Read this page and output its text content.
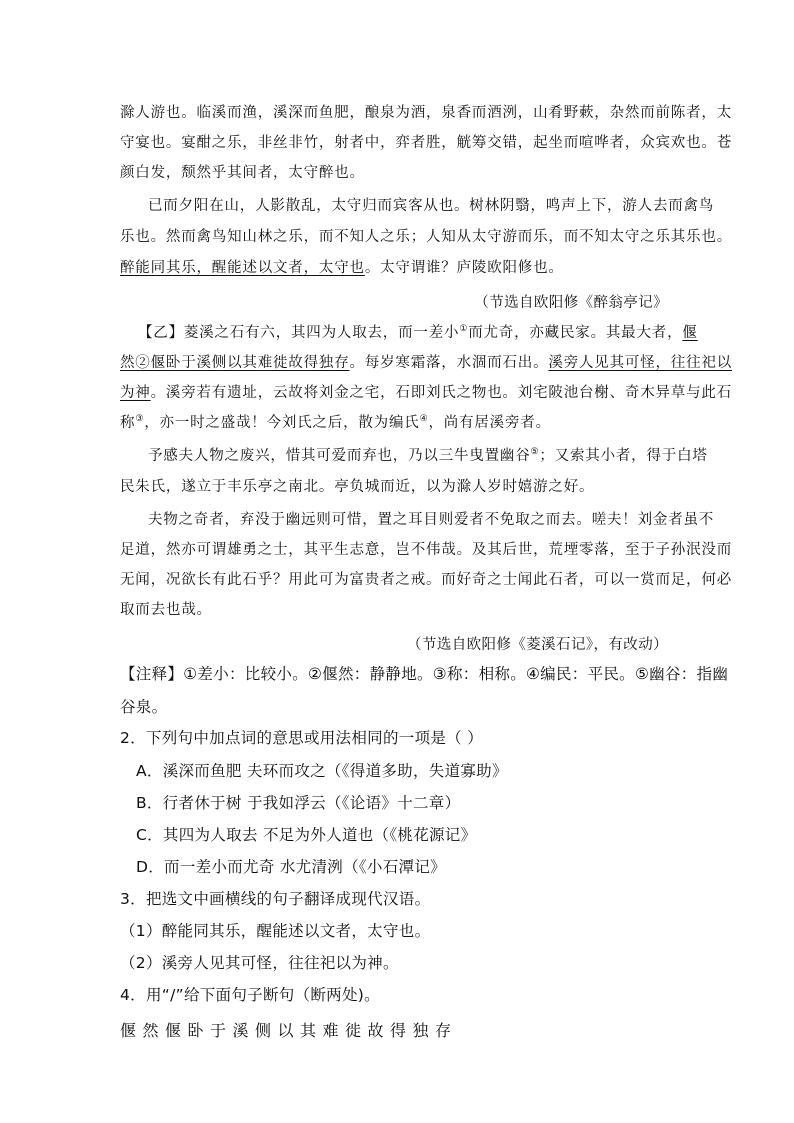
滁人游也。临溪而渔，溪深而鱼肥，酿泉为酒，泉香而酒洌，山肴野蔌，杂然而前陈者，太
守宴也。宴酣之乐，非丝非竹，射者中，弈者胜，觥筹交错，起坐而喧哗者，众宾欢也。苍
颜白发，颓然乎其间者，太守醉也。
已而夕阳在山，人影散乱，太守归而宾客从也。树林阴翳，鸣声上下，游人去而禽鸟
乐也。然而禽鸟知山林之乐，而不知人之乐；人知从太守游而乐，而不知太守之乐其乐也。
醉能同其乐，醒能述以文者，太守也。太守谓谁？庐陵欧阳修也。
（节选自欧阳修《醉翁亭记》
【乙】菱溪之石有六，其四为人取去，而一差小①而尤奇，亦藏民家。其最大者，偃
然②偃卧于溪侧以其难徙故得独存。每岁寒霜落，水涸而石出。溪旁人见其可怪，往往祀以
为神。溪旁若有遗址，云故将刘金之宅，石即刘氏之物也。刘宅陂池台榭、奇木异草与此石
称③，亦一时之盛哉！今刘氏之后，散为编氏④，尚有居溪旁者。
予感夫人物之废兴，惜其可爱而弃也，乃以三牛曳置幽谷⑤；又索其小者，得于白塔
民朱氏，遂立于丰乐亭之南北。亭负城而近，以为滁人岁时嬉游之好。
夫物之奇者，弃没于幽远则可惜，置之耳目则爱者不免取之而去。嗟夫！刘金者虽不
足道，然亦可谓雄勇之士，其平生志意，岂不伟哉。及其后世，荒堙零落，至于子孙泯没而
无闻，况欲长有此石乎？用此可为富贵者之戒。而好奇之士闻此石者，可以一赏而足，何必
取而去也哉。
（节选自欧阳修《菱溪石记》，有改动）
【注释】①差小：比较小。②偃然：静静地。③称：相称。④编民：平民。⑤幽谷：指幽
谷泉。
2．下列句中加点词的意思或用法相同的一项是（ ）
A．溪深而鱼肥 夫环而攻之（《得道多助，失道寡助》
B．行者休于树 于我如浮云（《论语》十二章）
C．其四为人取去 不足为外人道也（《桃花源记》
D．而一差小而尤奇 水尤清洌（《小石潭记》
3．把选文中画横线的句子翻译成现代汉语。
（1）醉能同其乐，醒能述以文者，太守也。
（2）溪旁人见其可怪，往往祀以为神。
4．用“/”给下面句子断句（断两处)。
偃然偃卧于溪侧以其难徙故得独存
